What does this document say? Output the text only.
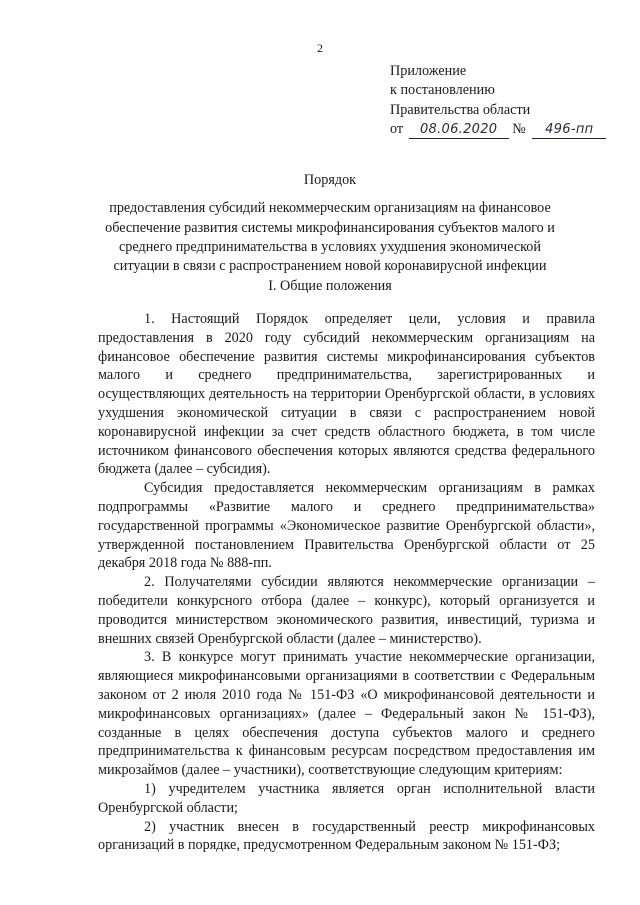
2
Приложение
к постановлению
Правительства области
от 08.06.2020 № 496-пп
Порядок
предоставления субсидий некоммерческим организациям на финансовое
обеспечение развития системы микрофинансирования субъектов малого и
среднего предпринимательства в условиях ухудшения экономической
ситуации в связи с распространением новой коронавирусной инфекции
I. Общие положения

1. Настоящий Порядок определяет цели, условия и правила предоставления в 2020 году субсидий некоммерческим организациям на финансовое обеспечение развития системы микрофинансирования субъектов малого и среднего предпринимательства, зарегистрированных и осуществляющих деятельность на территории Оренбургской области, в условиях ухудшения экономической ситуации в связи с распространением новой коронавирусной инфекции за счет средств областного бюджета, в том числе источником финансового обеспечения которых являются средства федерального бюджета (далее – субсидия).

Субсидия предоставляется некоммерческим организациям в рамках подпрограммы «Развитие малого и среднего предпринимательства» государственной программы «Экономическое развитие Оренбургской области», утвержденной постановлением Правительства Оренбургской области от 25 декабря 2018 года № 888-пп.

2. Получателями субсидии являются некоммерческие организации – победители конкурсного отбора (далее – конкурс), который организуется и проводится министерством экономического развития, инвестиций, туризма и внешних связей Оренбургской области (далее – министерство).

3. В конкурсе могут принимать участие некоммерческие организации, являющиеся микрофинансовыми организациями в соответствии с Федеральным законом от 2 июля 2010 года № 151-ФЗ «О микрофинансовой деятельности и микрофинансовых организациях» (далее – Федеральный закон № 151-ФЗ), созданные в целях обеспечения доступа субъектов малого и среднего предпринимательства к финансовым ресурсам посредством предоставления им микрозаймов (далее – участники), соответствующие следующим критериям:

1) учредителем участника является орган исполнительной власти Оренбургской области;

2) участник внесен в государственный реестр микрофинансовых организаций в порядке, предусмотренном Федеральным законом № 151-ФЗ;
